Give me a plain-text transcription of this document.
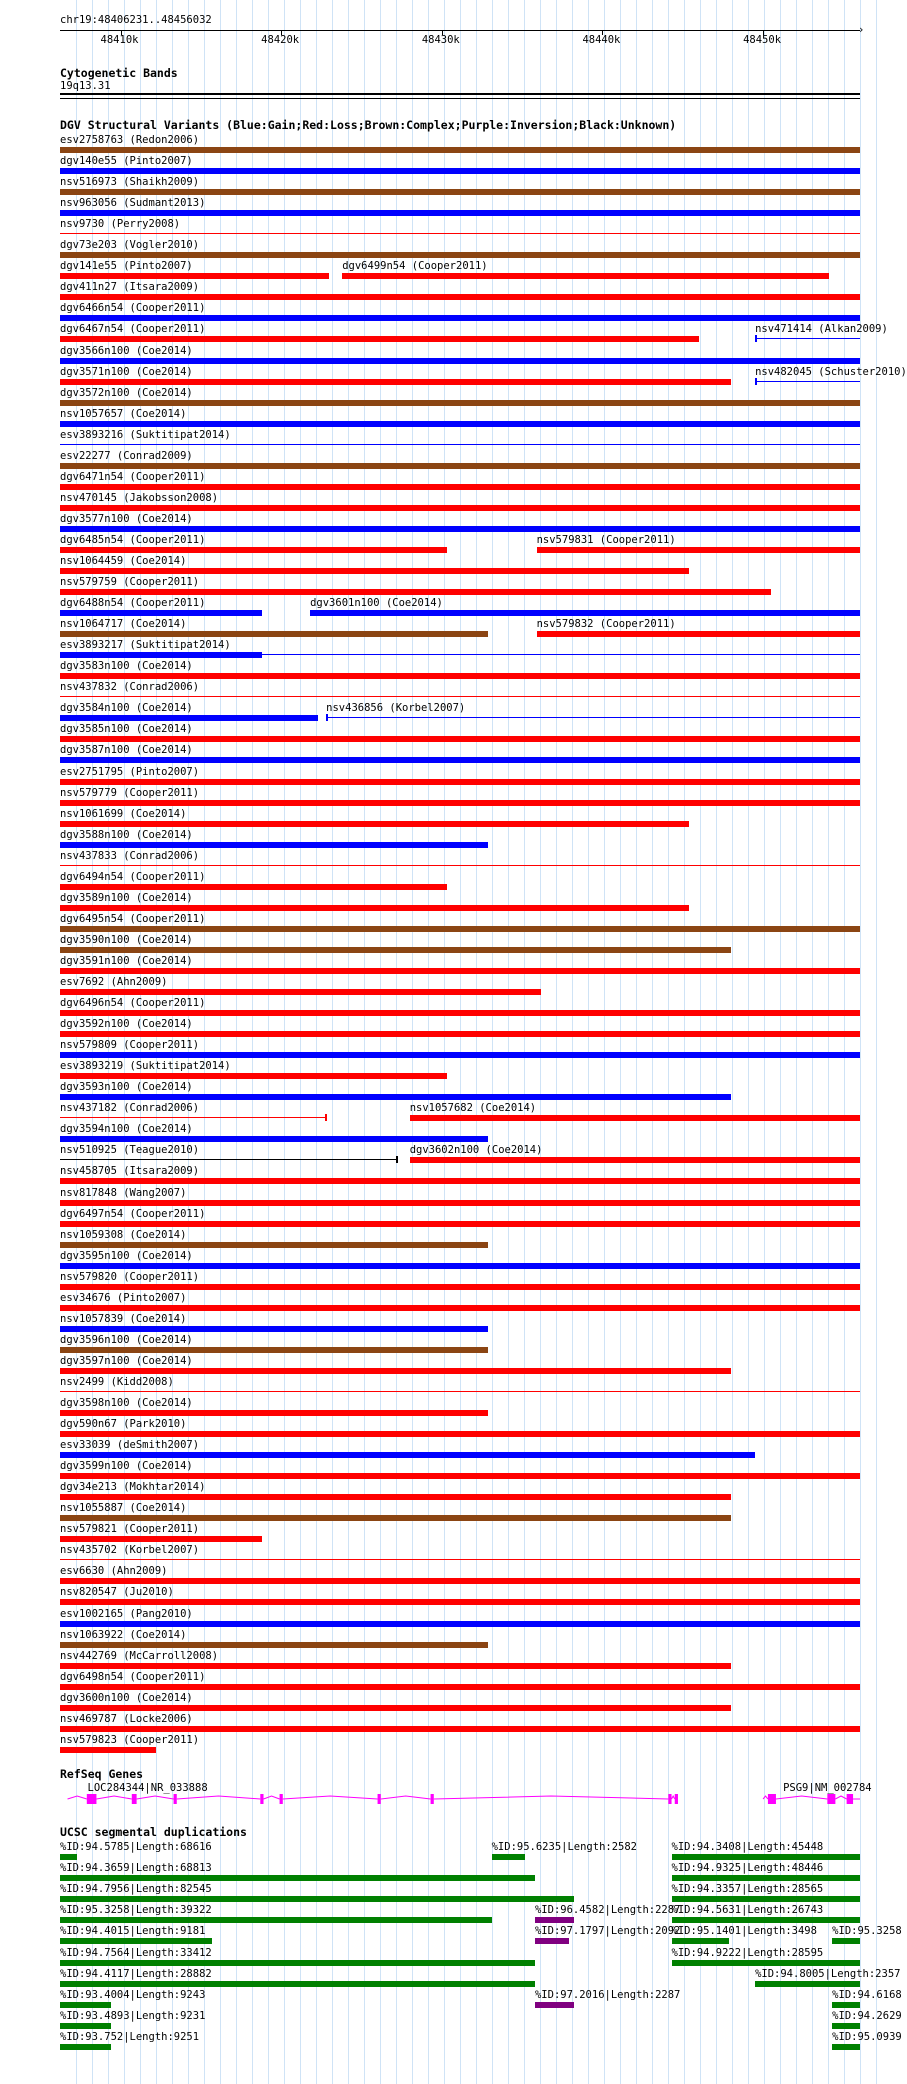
chr19:48406231..48456032
48410k	48420k	48430k	48440k	48450k
›
Cytogenetic Bands
19q13.31
DGV Structural Variants (Blue:Gain;Red:Loss;Brown:Complex;Purple:Inversion;Black:Unknown)
esv2758763 (Redon2006)
dgv140e55 (Pinto2007)
nsv516973 (Shaikh2009)
nsv963056 (Sudmant2013)
nsv9730 (Perry2008)
dgv73e203 (Vogler2010)
dgv141e55 (Pinto2007)	dgv6499n54 (Cooper2011)
dgv411n27 (Itsara2009)
dgv6466n54 (Cooper2011)
dgv6467n54 (Cooper2011)	nsv471414 (Alkan2009)
dgv3566n100 (Coe2014)
dgv3571n100 (Coe2014)	nsv482045 (Schuster2010)
dgv3572n100 (Coe2014)
nsv1057657 (Coe2014)
esv3893216 (Suktitipat2014)
esv22277 (Conrad2009)
dgv6471n54 (Cooper2011)
nsv470145 (Jakobsson2008)
dgv3577n100 (Coe2014)
dgv6485n54 (Cooper2011)	nsv579831 (Cooper2011)
nsv1064459 (Coe2014)
nsv579759 (Cooper2011)
dgv6488n54 (Cooper2011)	dgv3601n100 (Coe2014)
nsv1064717 (Coe2014)	nsv579832 (Cooper2011)
esv3893217 (Suktitipat2014)
dgv3583n100 (Coe2014)
nsv437832 (Conrad2006)
dgv3584n100 (Coe2014)	nsv436856 (Korbel2007)
dgv3585n100 (Coe2014)
dgv3587n100 (Coe2014)
esv2751795 (Pinto2007)
nsv579779 (Cooper2011)
nsv1061699 (Coe2014)
dgv3588n100 (Coe2014)
nsv437833 (Conrad2006)
dgv6494n54 (Cooper2011)
dgv3589n100 (Coe2014)
dgv6495n54 (Cooper2011)
dgv3590n100 (Coe2014)
dgv3591n100 (Coe2014)
esv7692 (Ahn2009)
dgv6496n54 (Cooper2011)
dgv3592n100 (Coe2014)
nsv579809 (Cooper2011)
esv3893219 (Suktitipat2014)
dgv3593n100 (Coe2014)
nsv437182 (Conrad2006)	nsv1057682 (Coe2014)
dgv3594n100 (Coe2014)
nsv510925 (Teague2010)	dgv3602n100 (Coe2014)
nsv458705 (Itsara2009)
nsv817848 (Wang2007)
dgv6497n54 (Cooper2011)
nsv1059308 (Coe2014)
dgv3595n100 (Coe2014)
nsv579820 (Cooper2011)
esv34676 (Pinto2007)
nsv1057839 (Coe2014)
dgv3596n100 (Coe2014)
dgv3597n100 (Coe2014)
nsv2499 (Kidd2008)
dgv3598n100 (Coe2014)
dgv590n67 (Park2010)
esv33039 (deSmith2007)
dgv3599n100 (Coe2014)
dgv34e213 (Mokhtar2014)
nsv1055887 (Coe2014)
nsv579821 (Cooper2011)
nsv435702 (Korbel2007)
esv6630 (Ahn2009)
nsv820547 (Ju2010)
esv1002165 (Pang2010)
nsv1063922 (Coe2014)
nsv442769 (McCarroll2008)
dgv6498n54 (Cooper2011)
dgv3600n100 (Coe2014)
nsv469787 (Locke2006)
nsv579823 (Cooper2011)
RefSeq Genes
LOC284344|NR_033888	PSG9|NM_002784
UCSC segmental duplications
%ID:94.5785|Length:68616	%ID:95.6235|Length:2582	%ID:94.3408|Length:45448
%ID:94.3659|Length:68813	%ID:94.9325|Length:48446
%ID:94.7956|Length:82545	%ID:94.3357|Length:28565
%ID:95.3258|Length:39322	%ID:96.4582|Length:2287
%ID:94.5631|Length:26743
%ID:94.4015|Length:9181	%ID:97.1797|Length:2092
%ID:95.1401|Length:3498 %ID:95.3258
%ID:94.7564|Length:33412	%ID:94.9222|Length:28595
%ID:94.4117|Length:28882	%ID:94.8005|Length:2357
%ID:93.4004|Length:9243	%ID:97.2016|Length:2287	%ID:94.6168
%ID:93.4893|Length:9231	%ID:94.2629
%ID:93.752|Length:9251	%ID:95.0939
